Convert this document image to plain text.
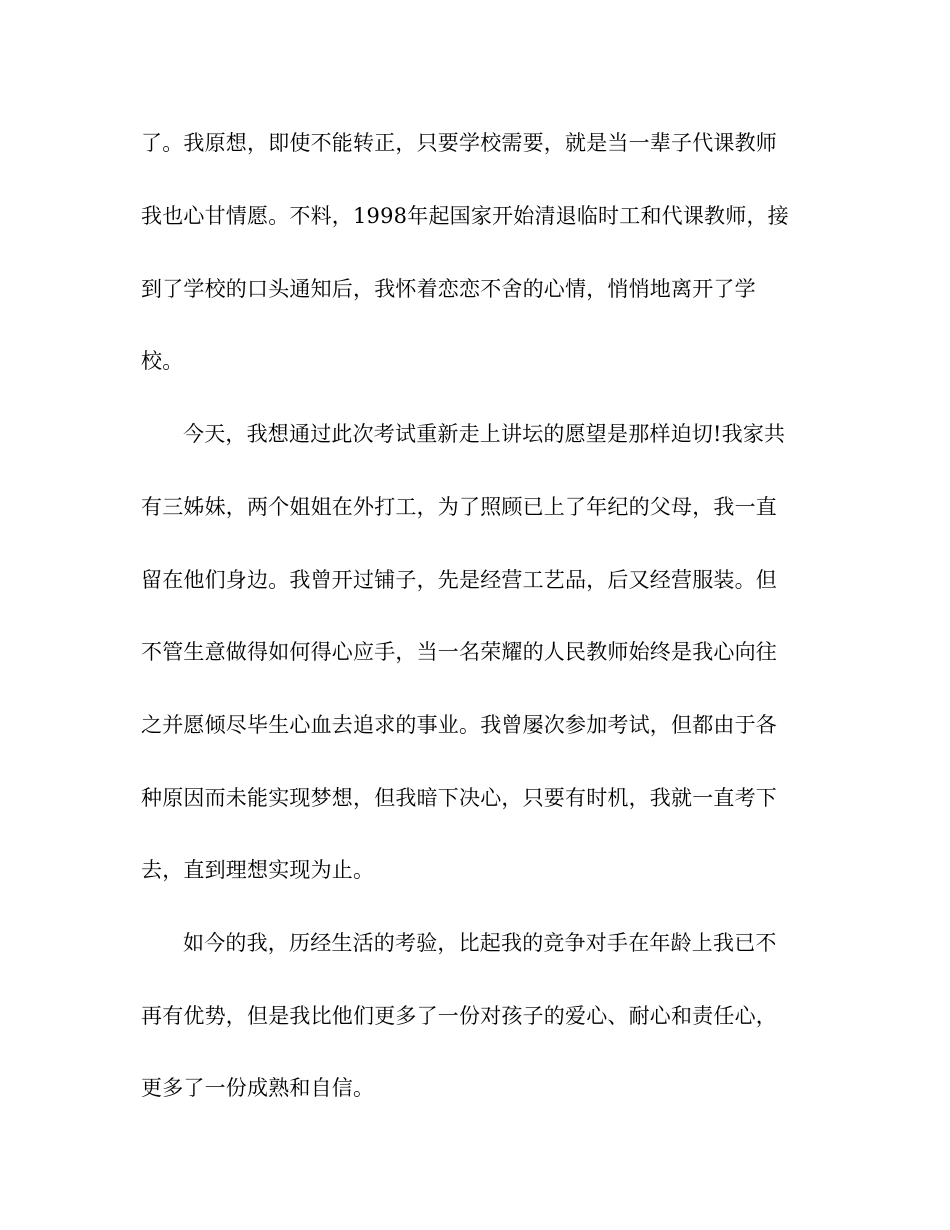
了。我原想，即使不能转正，只要学校需要，就是当一辈子代课教师
我也心甘情愿。不料，1998年起国家开始清退临时工和代课教师，接
到了学校的口头通知后，我怀着恋恋不舍的心情，悄悄地离开了学
校。
今天，我想通过此次考试重新走上讲坛的愿望是那样迫切!我家共
有三姊妹，两个姐姐在外打工，为了照顾已上了年纪的父母，我一直
留在他们身边。我曾开过铺子，先是经营工艺品，后又经营服装。但
不管生意做得如何得心应手，当一名荣耀的人民教师始终是我心向往
之并愿倾尽毕生心血去追求的事业。我曾屡次参加考试，但都由于各
种原因而未能实现梦想，但我暗下决心，只要有时机，我就一直考下
去，直到理想实现为止。
如今的我，历经生活的考验，比起我的竞争对手在年龄上我已不
再有优势，但是我比他们更多了一份对孩子的爱心、耐心和责任心，
更多了一份成熟和自信。
